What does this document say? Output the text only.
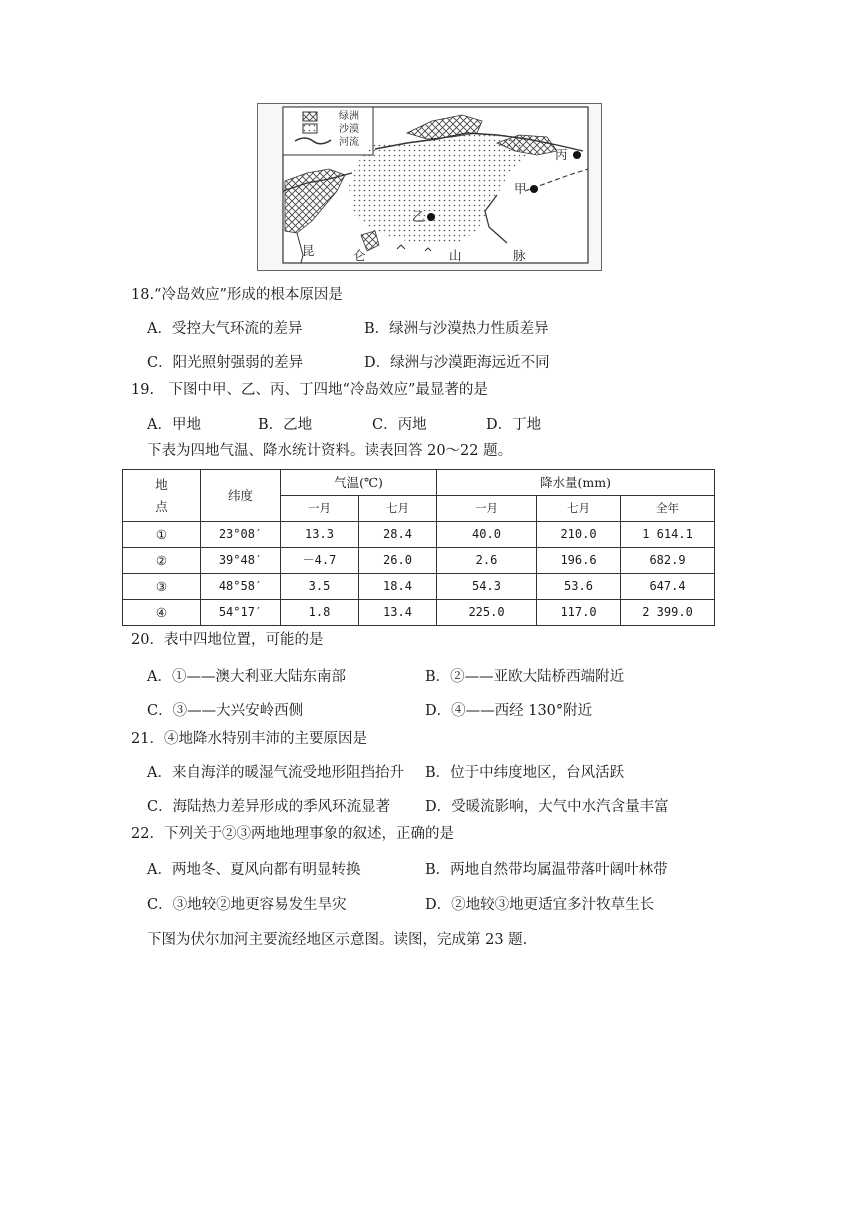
绿洲
沙漠
河流
丙
甲
乙
昆	仑	山	脉
18.“冷岛效应”形成的根本原因是
A．受控大气环流的差异	B．绿洲与沙漠热力性质差异
C．阳光照射强弱的差异	D．绿洲与沙漠距海远近不同
19.　下图中甲、乙、丙、丁四地“冷岛效应”最显著的是
A．甲地	B．乙地	C．丙地	D．丁地
下表为四地气温、降水统计资料。读表回答 20～22 题。
地
点	纬度	气温(℃)		降水量(mm)		
		一月	七月	一月	七月	全年
①	23°08′	13.3	28.4	40.0	210.0	1 614.1
②	39°48′	－4.7	26.0	2.6	196.6	682.9
③	48°58′	3.5	18.4	54.3	53.6	647.4
④	54°17′	1.8	13.4	225.0	117.0	2 399.0
20．表中四地位置，可能的是
A．①——澳大利亚大陆东南部	B．②——亚欧大陆桥西端附近
C．③——大兴安岭西侧	D．④——西经 130°附近
21．④地降水特别丰沛的主要原因是
A．来自海洋的暖湿气流受地形阻挡抬升 B．位于中纬度地区，台风活跃
C．海陆热力差异形成的季风环流显著 D．受暖流影响，大气中水汽含量丰富
22．下列关于②③两地地理事象的叙述，正确的是
A．两地冬、夏风向都有明显转换	B．两地自然带均属温带落叶阔叶林带
C．③地较②地更容易发生旱灾	D．②地较③地更适宜多汁牧草生长
下图为伏尔加河主要流经地区示意图。读图，完成第 23 题.
